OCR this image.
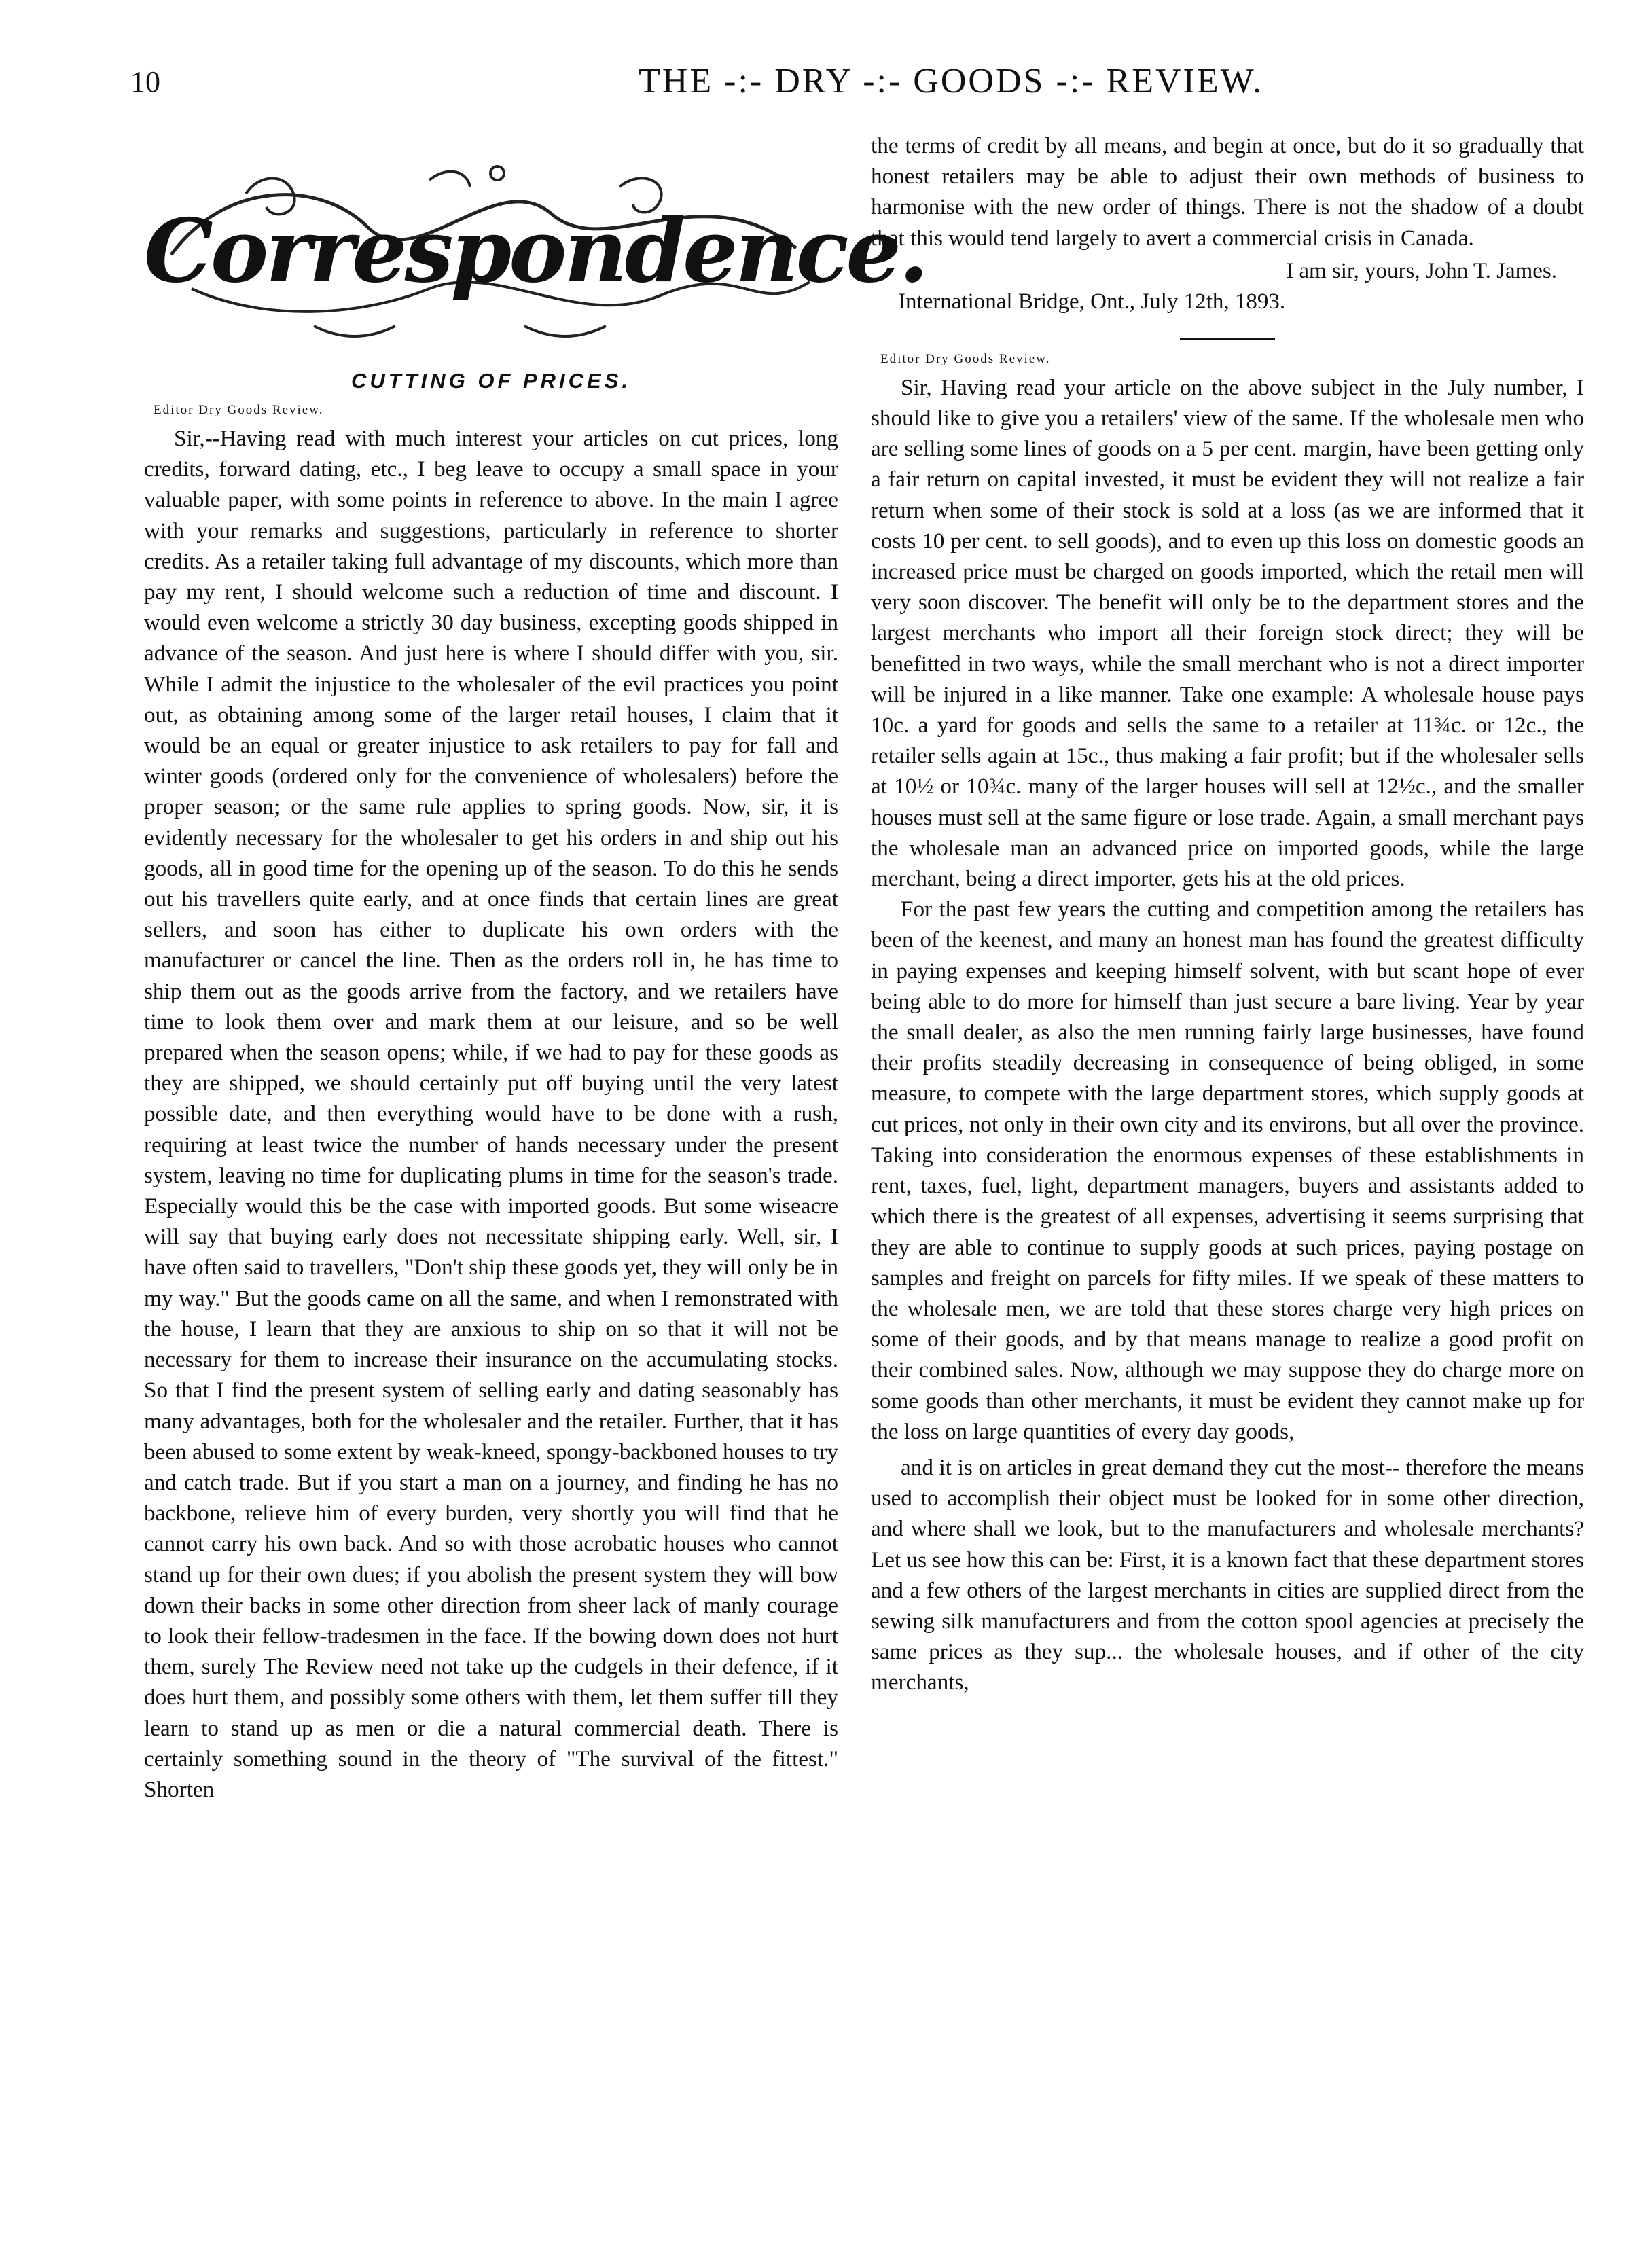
10	THE -:- DRY -:- GOODS -:- REVIEW.
Correspondence.
CUTTING OF PRICES.
Editor Dry Goods Review.

Sir,--Having read with much interest your articles on cut prices, long credits, forward dating, etc., I beg leave to occupy a small space in your valuable paper, with some points in reference to above. In the main I agree with your remarks and suggestions, particularly in reference to shorter credits. As a retailer taking full advantage of my discounts, which more than pay my rent, I should welcome such a reduction of time and discount. I would even welcome a strictly 30 day business, excepting goods shipped in advance of the season. And just here is where I should differ with you, sir. While I admit the injustice to the wholesaler of the evil practices you point out, as obtaining among some of the larger retail houses, I claim that it would be an equal or greater injustice to ask retailers to pay for fall and winter goods (ordered only for the convenience of wholesalers) before the proper season; or the same rule applies to spring goods. Now, sir, it is evidently necessary for the wholesaler to get his orders in and ship out his goods, all in good time for the opening up of the season. To do this he sends out his travellers quite early, and at once finds that certain lines are great sellers, and soon has either to duplicate his own orders with the manufacturer or cancel the line. Then as the orders roll in, he has time to ship them out as the goods arrive from the factory, and we retailers have time to look them over and mark them at our leisure, and so be well prepared when the season opens; while, if we had to pay for these goods as they are shipped, we should certainly put off buying until the very latest possible date, and then everything would have to be done with a rush, requiring at least twice the number of hands necessary under the present system, leaving no time for duplicating plums in time for the season's trade. Especially would this be the case with imported goods. But some wiseacre will say that buying early does not necessitate shipping early. Well, sir, I have often said to travellers, "Don't ship these goods yet, they will only be in my way." But the goods came on all the same, and when I remonstrated with the house, I learn that they are anxious to ship on so that it will not be necessary for them to increase their insurance on the accumulating stocks. So that I find the present system of selling early and dating seasonably has many advantages, both for the wholesaler and the retailer. Further, that it has been abused to some extent by weak-kneed, spongy-backboned houses to try and catch trade. But if you start a man on a journey, and finding he has no backbone, relieve him of every burden, very shortly you will find that he cannot carry his own back. And so with those acrobatic houses who cannot stand up for their own dues; if you abolish the present system they will bow down their backs in some other direction from sheer lack of manly courage to look their fellow-tradesmen in the face. If the bowing down does not hurt them, surely The Review need not take up the cudgels in their defence, if it does hurt them, and possibly some others with them, let them suffer till they learn to stand up as men or die a natural commercial death. There is certainly something sound in the theory of "The survival of the fittest." Shorten

the terms of credit by all means, and begin at once, but do it so gradually that honest retailers may be able to adjust their own methods of business to harmonise with the new order of things. There is not the shadow of a doubt that this would tend largely to avert a commercial crisis in Canada.

I am sir, yours, John T. James.
International Bridge, Ont., July 12th, 1893.
Editor Dry Goods Review.

Sir, Having read your article on the above subject in the July number, I should like to give you a retailers' view of the same. If the wholesale men who are selling some lines of goods on a 5 per cent. margin, have been getting only a fair return on capital invested, it must be evident they will not realize a fair return when some of their stock is sold at a loss (as we are informed that it costs 10 per cent. to sell goods), and to even up this loss on domestic goods an increased price must be charged on goods imported, which the retail men will very soon discover. The benefit will only be to the department stores and the largest merchants who import all their foreign stock direct; they will be benefitted in two ways, while the small merchant who is not a direct importer will be injured in a like manner. Take one example: A wholesale house pays 10c. a yard for goods and sells the same to a retailer at 11¾c. or 12c., the retailer sells again at 15c., thus making a fair profit; but if the wholesaler sells at 10½ or 10¾c. many of the larger houses will sell at 12½c., and the smaller houses must sell at the same figure or lose trade. Again, a small merchant pays the wholesale man an advanced price on imported goods, while the large merchant, being a direct importer, gets his at the old prices.

For the past few years the cutting and competition among the retailers has been of the keenest, and many an honest man has found the greatest difficulty in paying expenses and keeping himself solvent, with but scant hope of ever being able to do more for himself than just secure a bare living. Year by year the small dealer, as also the men running fairly large businesses, have found their profits steadily decreasing in consequence of being obliged, in some measure, to compete with the large department stores, which supply goods at cut prices, not only in their own city and its environs, but all over the province. Taking into consideration the enormous expenses of these establishments in rent, taxes, fuel, light, department managers, buyers and assistants added to which there is the greatest of all expenses, advertising it seems surprising that they are able to continue to supply goods at such prices, paying postage on samples and freight on parcels for fifty miles. If we speak of these matters to the wholesale men, we are told that these stores charge very high prices on some of their goods, and by that means manage to realize a good profit on their combined sales. Now, although we may suppose they do charge more on some goods than other merchants, it must be evident they cannot make up for the loss on large quantities of every day goods,

and it is on articles in great demand they cut the most-- therefore the means used to accomplish their object must be looked for in some other direction, and where shall we look, but to the manufacturers and wholesale merchants? Let us see how this can be: First, it is a known fact that these department stores and a few others of the largest merchants in cities are supplied direct from the sewing silk manufacturers and from the cotton spool agencies at precisely the same prices as they sup... the wholesale houses, and if other of the city merchants,
